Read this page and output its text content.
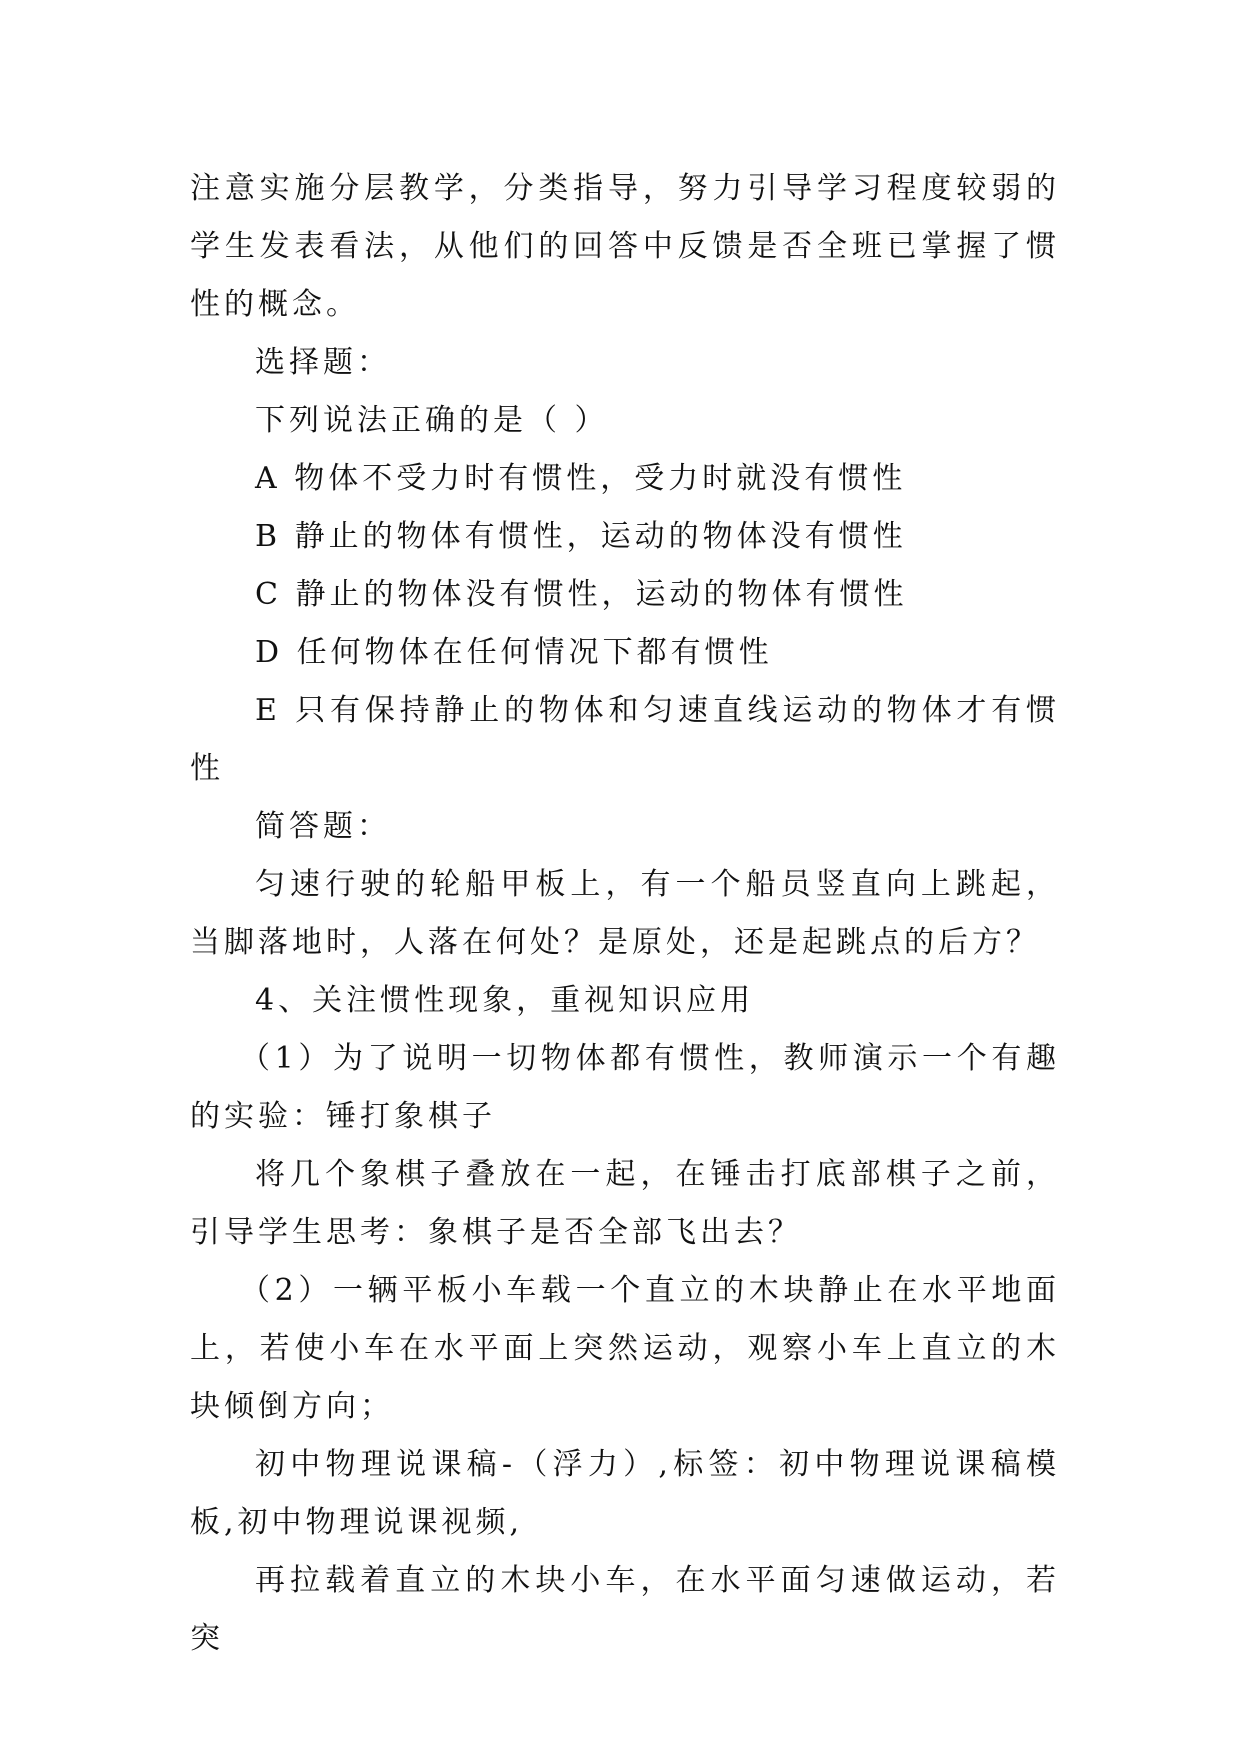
注意实施分层教学，分类指导，努力引导学习程度较弱的学生发表看法，从他们的回答中反馈是否全班已掌握了惯性的概念。

选择题：

下列说法正确的是（ ）

A 物体不受力时有惯性，受力时就没有惯性

B 静止的物体有惯性，运动的物体没有惯性

C 静止的物体没有惯性，运动的物体有惯性

D 任何物体在任何情况下都有惯性

E 只有保持静止的物体和匀速直线运动的物体才有惯性

简答题：

匀速行驶的轮船甲板上，有一个船员竖直向上跳起，当脚落地时，人落在何处？是原处，还是起跳点的后方？

4、关注惯性现象，重视知识应用

（1）为了说明一切物体都有惯性，教师演示一个有趣的实验：锤打象棋子

将几个象棋子叠放在一起，在锤击打底部棋子之前，引导学生思考：象棋子是否全部飞出去？

（2）一辆平板小车载一个直立的木块静止在水平地面上，若使小车在水平面上突然运动，观察小车上直立的木块倾倒方向；

初中物理说课稿-（浮力）,标签：初中物理说课稿模板,初中物理说课视频,

再拉载着直立的木块小车，在水平面匀速做运动，若突
